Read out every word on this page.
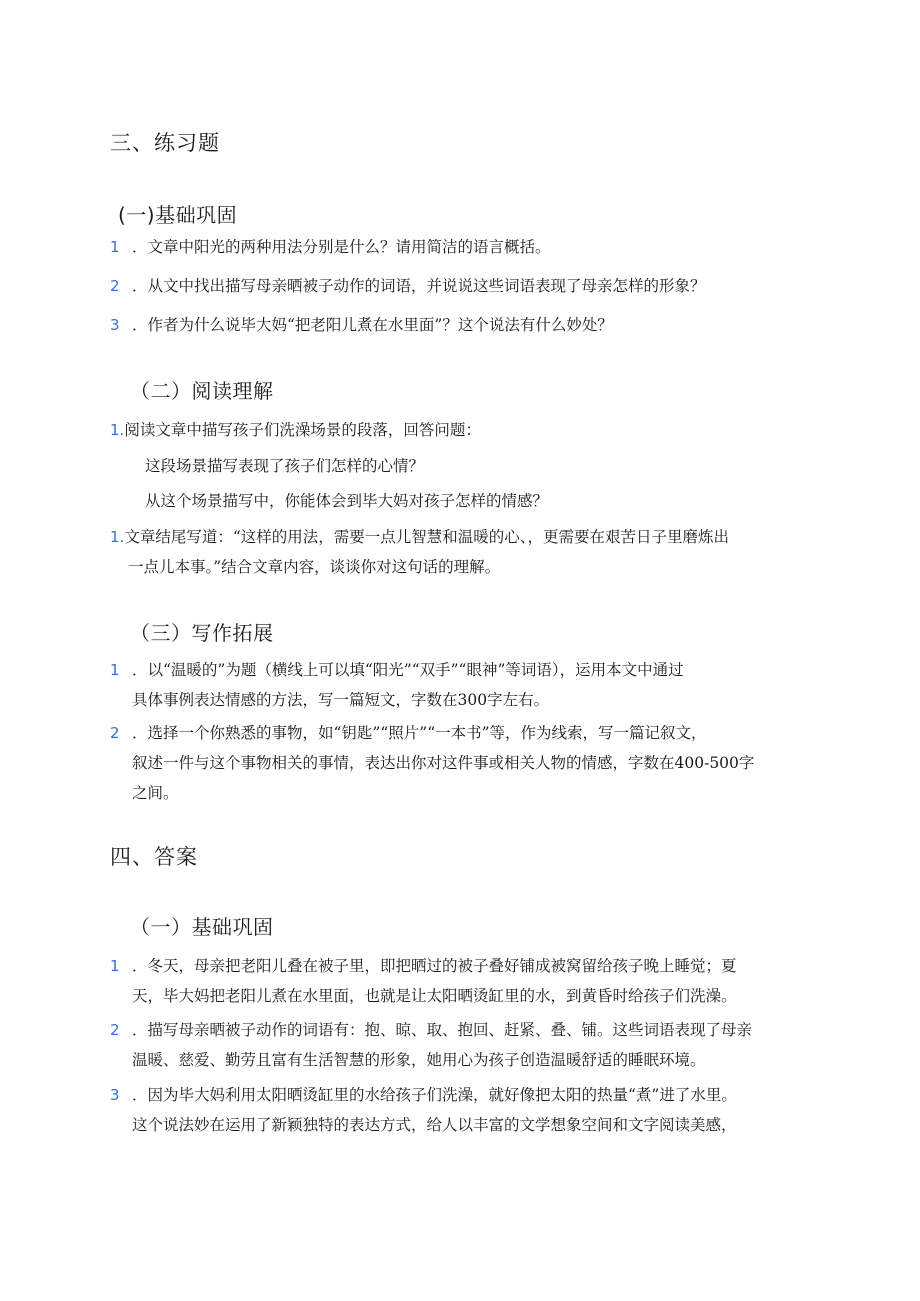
三、练习题
(一)基础巩固
1 ．文章中阳光的两种用法分别是什么？请用简洁的语言概括。
2 ．从文中找出描写母亲晒被子动作的词语，并说说这些词语表现了母亲怎样的形象？
3 ．作者为什么说毕大妈“把老阳儿煮在水里面”？这个说法有什么妙处？
（二）阅读理解
1.阅读文章中描写孩子们洗澡场景的段落，回答问题：
这段场景描写表现了孩子们怎样的心情？
从这个场景描写中，你能体会到毕大妈对孩子怎样的情感？
1.文章结尾写道：“这样的用法，需要一点儿智慧和温暖的心、，更需要在艰苦日子里磨炼出
一点儿本事。”结合文章内容，谈谈你对这句话的理解。
（三）写作拓展
1 ．以“温暖的”为题（横线上可以填“阳光”“双手”“眼神”等词语），运用本文中通过
具体事例表达情感的方法，写一篇短文，字数在300字左右。
2 ．选择一个你熟悉的事物，如“钥匙”“照片”“一本书”等，作为线索，写一篇记叙文，
叙述一件与这个事物相关的事情，表达出你对这件事或相关人物的情感，字数在400-500字
之间。
四、答案
（一）基础巩固
1 ．冬天，母亲把老阳儿叠在被子里，即把晒过的被子叠好铺成被窝留给孩子晚上睡觉；夏
天，毕大妈把老阳儿煮在水里面，也就是让太阳晒烫缸里的水，到黄昏时给孩子们洗澡。
2 ．描写母亲晒被子动作的词语有：抱、晾、取、抱回、赶紧、叠、铺。这些词语表现了母亲
温暖、慈爱、勤劳且富有生活智慧的形象，她用心为孩子创造温暖舒适的睡眠环境。
3 ．因为毕大妈利用太阳晒烫缸里的水给孩子们洗澡，就好像把太阳的热量“煮”进了水里。
这个说法妙在运用了新颖独特的表达方式，给人以丰富的文学想象空间和文字阅读美感，
